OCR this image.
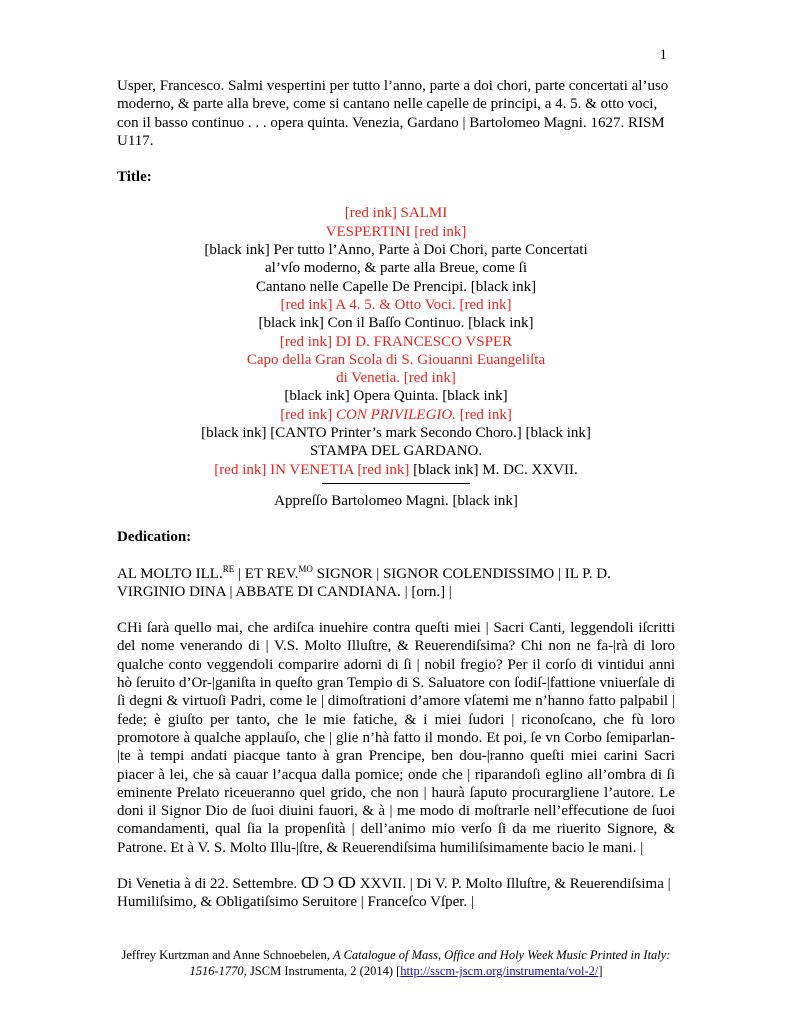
1

Usper, Francesco. Salmi vespertini per tutto l’anno, parte a doi chori, parte concertati al’uso moderno, & parte alla breve, come si cantano nelle capelle de principi, a 4. 5. & otto voci, con il basso continuo . . . opera quinta. Venezia, Gardano | Bartolomeo Magni. 1627. RISM U117.

Title:

[red ink] SALMI
VESPERTINI [red ink]
[black ink] Per tutto l’Anno, Parte à Doi Chori, parte Concertati
al’vſo moderno, & parte alla Breue, come ſi
Cantano nelle Capelle De Prencipi. [black ink]
[red ink] A 4. 5. & Otto Voci. [red ink]
[black ink] Con il Baſſo Continuo. [black ink]
[red ink] DI D. FRANCESCO VSPER
Capo della Gran Scola di S. Giouanni Euangeliſta
di Venetia. [red ink]
[black ink] Opera Quinta. [black ink]
[red ink] CON PRIVILEGIO. [red ink]
[black ink] [CANTO Printer’s mark Secondo Choro.] [black ink]
STAMPA DEL GARDANO.
[red ink] IN VENETIA [red ink] [black ink] M. DC. XXVII.
Appreſſo Bartolomeo Magni. [black ink]

Dedication:

AL MOLTO ILL.$^{RE}$ | ET REV.$^{MO}$ SIGNOR | SIGNOR COLENDISSIMO | IL P. D. VIRGINIO DINA | ABBATE DI CANDIANA. | [orn.] |

CHi ſarà quello mai, che ardiſca inuehire contra queſti miei | Sacri Canti, leggendoli iſcritti del nome venerando di | V.S. Molto Illuſtre, & Reuerendiſsima? Chi non ne fa-|rà di loro qualche conto veggendoli comparire adorni di ſi | nobil fregio? Per il corſo di vintidui anni hò ſeruito d’Or-|ganiſta in queſto gran Tempio di S. Saluatore con ſodiſ-|fattione vniuerſale di ſi degni & virtuoſi Padri, come le | dimoſtrationi d’amore vſatemi me n’hanno fatto palpabil | fede; è giuſto per tanto, che le mie fatiche, & i miei ſudori | riconoſcano, che fù loro promotore à qualche applauſo, che | glie n’hà fatto il mondo. Et poi, ſe vn Corbo ſemiparlan-|te à tempi andati piacque tanto à gran Prencipe, ben dou-|ranno queſti miei carini Sacri piacer à lei, che sà cauar l’acqua dalla pomice; onde che | riparandoſi eglino all’ombra di ſi eminente Prelato riceueranno quel grido, che non | haurà ſaputo procurargliene l’autore. Le doni il Signor Dio de ſuoi diuini fauori, & à | me modo di moſtrarle nell’effecutione de ſuoi comandamenti, qual ſia la propenſità | dell’animo mio verſo ſi da me riuerito Signore, & Patrone. Et à V. S. Molto Illu-|ſtre, & Reuerendiſsima humiliſsimamente bacio le mani. |

Di Venetia à di 22. Settembre. ↀ Ↄ ↀ XXVII. | Di V. P. Molto Illuſtre, & Reuerendiſsima | Humiliſsimo, & Obligatiſsimo Seruitore | Franceſco Vſper. |

Jeffrey Kurtzman and Anne Schnoebelen, A Catalogue of Mass, Office and Holy Week Music Printed in Italy: 1516-1770, JSCM Instrumenta, 2 (2014) [http://sscm-jscm.org/instrumenta/vol-2/]
